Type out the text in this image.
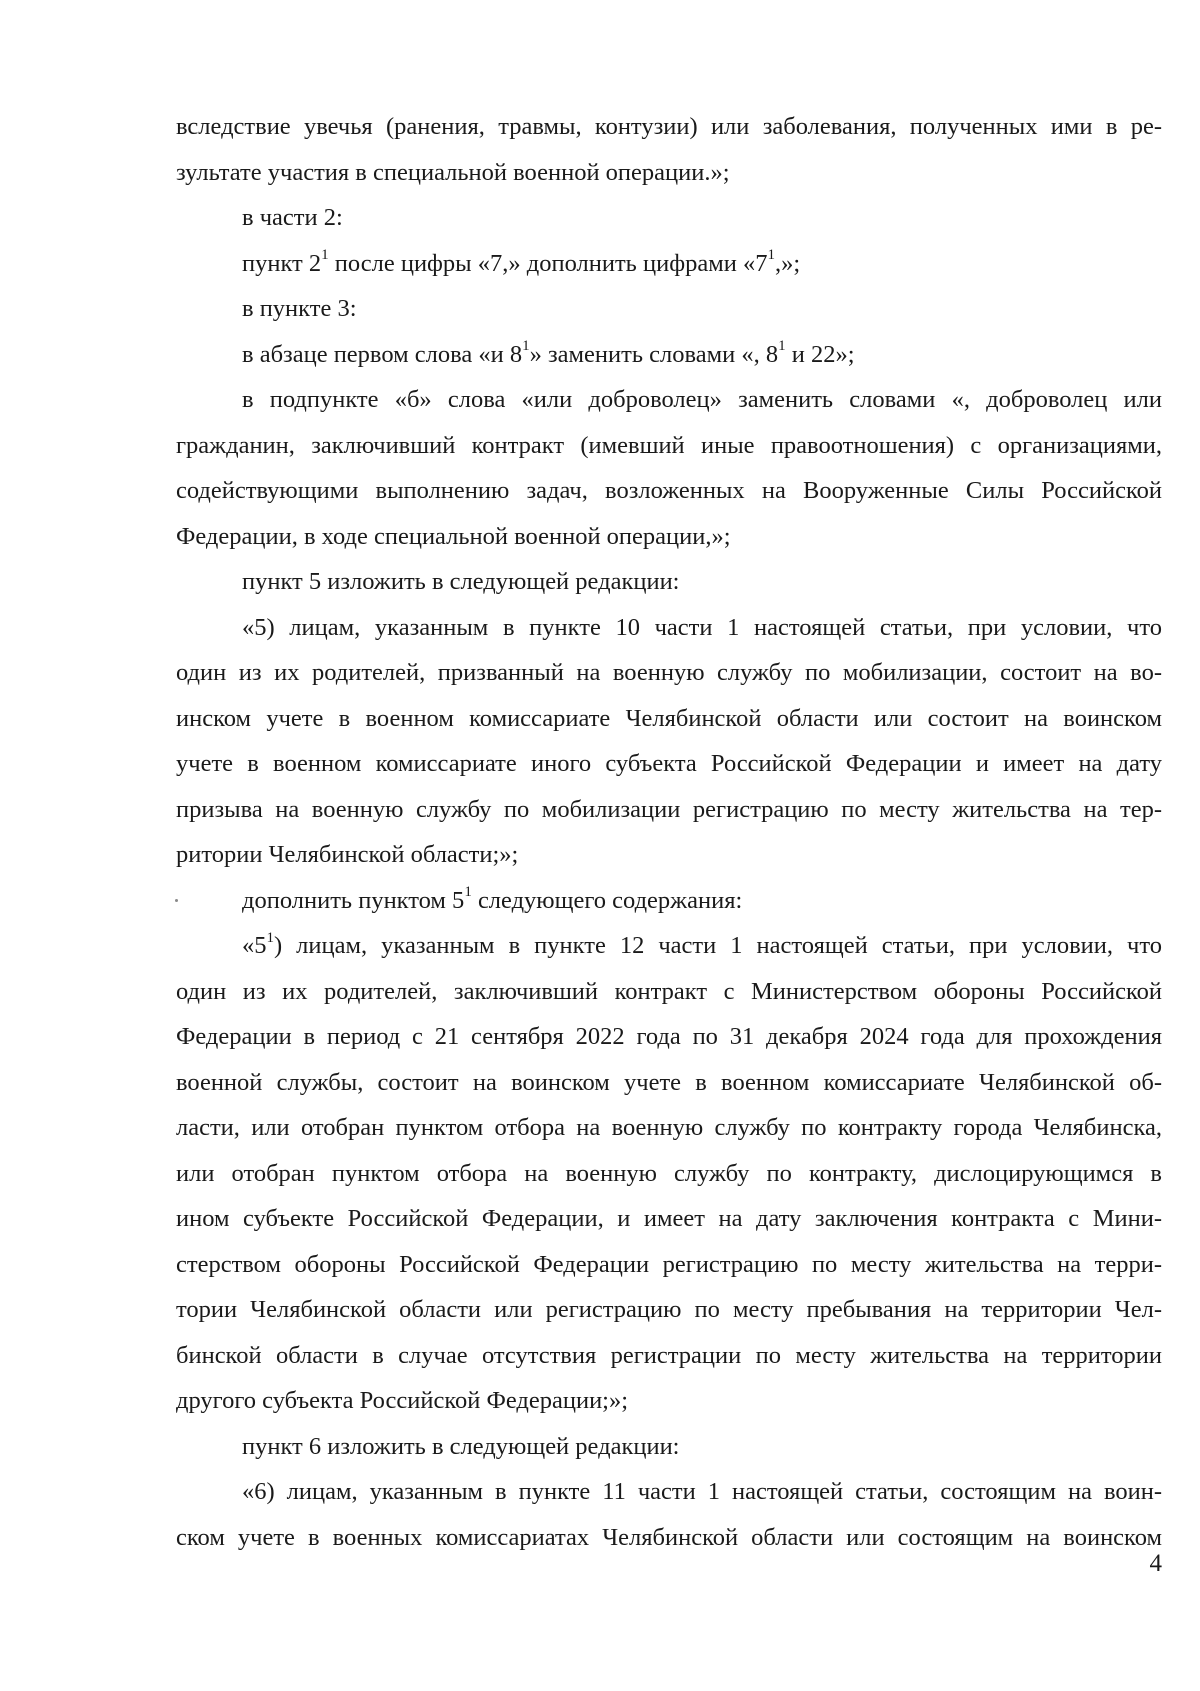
вследствие увечья (ранения, травмы, контузии) или заболевания, полученных ими в ре-
зультате участия в специальной военной операции.»;
в части 2:
пункт $2^1$ после цифры «7,» дополнить цифрами «$7^1$,»;
в пункте 3:
в абзаце первом слова «и $8^1$» заменить словами «, $8^1$ и 22»;
в подпункте «б» слова «или доброволец» заменить словами «, доброволец или
гражданин, заключивший контракт (имевший иные правоотношения) с организациями,
содействующими выполнению задач, возложенных на Вооруженные Силы Российской
Федерации, в ходе специальной военной операции,»;
пункт 5 изложить в следующей редакции:
«5) лицам, указанным в пункте 10 части 1 настоящей статьи, при условии, что
один из их родителей, призванный на военную службу по мобилизации, состоит на во-
инском учете в военном комиссариате Челябинской области или состоит на воинском
учете в военном комиссариате иного субъекта Российской Федерации и имеет на дату
призыва на военную службу по мобилизации регистрацию по месту жительства на тер-
ритории Челябинской области;»;
дополнить пунктом $5^1$ следующего содержания:
«$5^1$) лицам, указанным в пункте 12 части 1 настоящей статьи, при условии, что
один из их родителей, заключивший контракт с Министерством обороны Российской
Федерации в период с 21 сентября 2022 года по 31 декабря 2024 года для прохождения
военной службы, состоит на воинском учете в военном комиссариате Челябинской об-
ласти, или отобран пунктом отбора на военную службу по контракту города Челябинска,
или отобран пунктом отбора на военную службу по контракту, дислоцирующимся в
ином субъекте Российской Федерации, и имеет на дату заключения контракта с Мини-
стерством обороны Российской Федерации регистрацию по месту жительства на терри-
тории Челябинской области или регистрацию по месту пребывания на территории Чел-
бинской области в случае отсутствия регистрации по месту жительства на территории
другого субъекта Российской Федерации;»;
пункт 6 изложить в следующей редакции:
«6) лицам, указанным в пункте 11 части 1 настоящей статьи, состоящим на воин-
ском учете в военных комиссариатах Челябинской области или состоящим на воинском
4
